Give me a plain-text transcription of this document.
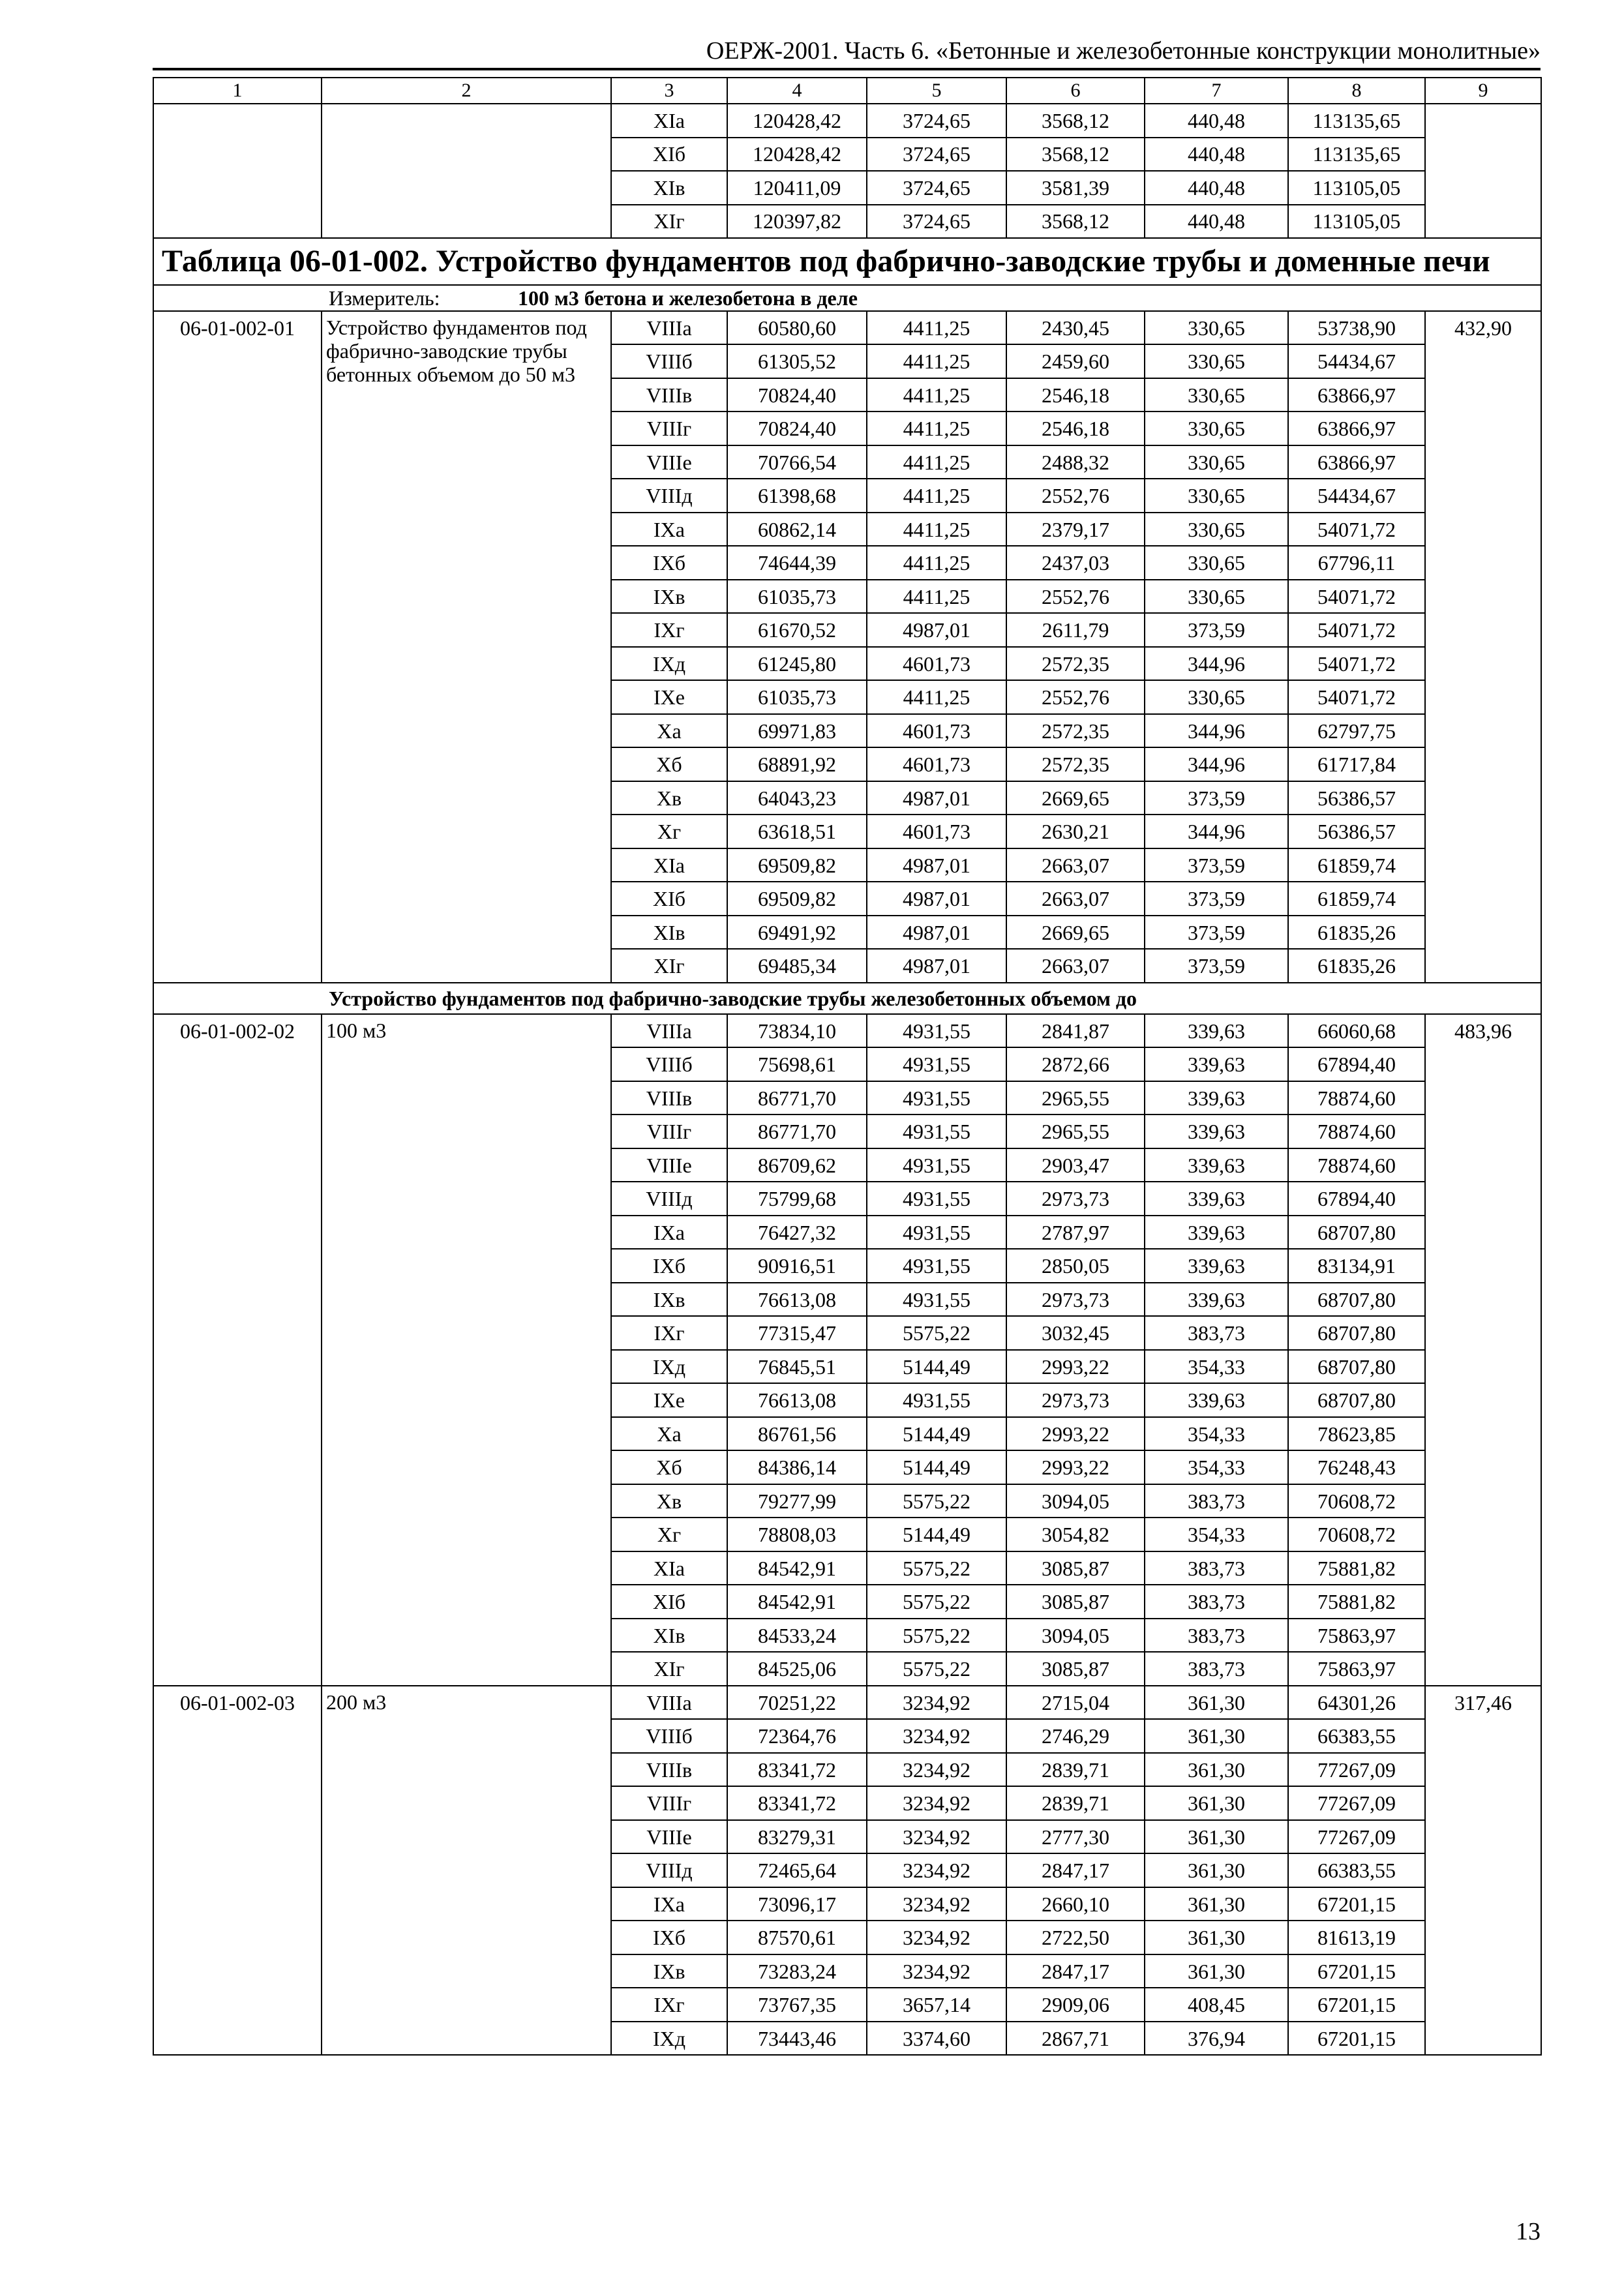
ОЕРЖ-2001. Часть 6. «Бетонные и железобетонные конструкции монолитные»
1	2	3	4	5	6	7	8	9
		XIа	120428,42	3724,65	3568,12	440,48	113135,65	
		XIб	120428,42	3724,65	3568,12	440,48	113135,65	
		XIв	120411,09	3724,65	3581,39	440,48	113105,05	
		XIг	120397,82	3724,65	3568,12	440,48	113105,05	
Таблица 06-01-002. Устройство фундаментов под фабрично-заводские трубы и доменные печи								
Измеритель: 100 м3 бетона и железобетона в деле								
06-01-002-01	Устройство фундаментов под фабрично-заводские трубы бетонных объемом до 50 м3	VIIIа	60580,60	4411,25	2430,45	330,65	53738,90	432,90
		VIIIб	61305,52	4411,25	2459,60	330,65	54434,67	
		VIIIв	70824,40	4411,25	2546,18	330,65	63866,97	
		VIIIг	70824,40	4411,25	2546,18	330,65	63866,97	
		VIIIе	70766,54	4411,25	2488,32	330,65	63866,97	
		VIIIд	61398,68	4411,25	2552,76	330,65	54434,67	
		IXа	60862,14	4411,25	2379,17	330,65	54071,72	
		IXб	74644,39	4411,25	2437,03	330,65	67796,11	
		IXв	61035,73	4411,25	2552,76	330,65	54071,72	
		IXг	61670,52	4987,01	2611,79	373,59	54071,72	
		IXд	61245,80	4601,73	2572,35	344,96	54071,72	
		IXе	61035,73	4411,25	2552,76	330,65	54071,72	
		Xа	69971,83	4601,73	2572,35	344,96	62797,75	
		Xб	68891,92	4601,73	2572,35	344,96	61717,84	
		Xв	64043,23	4987,01	2669,65	373,59	56386,57	
		Xг	63618,51	4601,73	2630,21	344,96	56386,57	
		XIа	69509,82	4987,01	2663,07	373,59	61859,74	
		XIб	69509,82	4987,01	2663,07	373,59	61859,74	
		XIв	69491,92	4987,01	2669,65	373,59	61835,26	
		XIг	69485,34	4987,01	2663,07	373,59	61835,26	
Устройство фундаментов под фабрично-заводские трубы железобетонных объемом до								
06-01-002-02	100 м3	VIIIа	73834,10	4931,55	2841,87	339,63	66060,68	483,96
		VIIIб	75698,61	4931,55	2872,66	339,63	67894,40	
		VIIIв	86771,70	4931,55	2965,55	339,63	78874,60	
		VIIIг	86771,70	4931,55	2965,55	339,63	78874,60	
		VIIIе	86709,62	4931,55	2903,47	339,63	78874,60	
		VIIIд	75799,68	4931,55	2973,73	339,63	67894,40	
		IXа	76427,32	4931,55	2787,97	339,63	68707,80	
		IXб	90916,51	4931,55	2850,05	339,63	83134,91	
		IXв	76613,08	4931,55	2973,73	339,63	68707,80	
		IXг	77315,47	5575,22	3032,45	383,73	68707,80	
		IXд	76845,51	5144,49	2993,22	354,33	68707,80	
		IXе	76613,08	4931,55	2973,73	339,63	68707,80	
		Xа	86761,56	5144,49	2993,22	354,33	78623,85	
		Xб	84386,14	5144,49	2993,22	354,33	76248,43	
		Xв	79277,99	5575,22	3094,05	383,73	70608,72	
		Xг	78808,03	5144,49	3054,82	354,33	70608,72	
		XIа	84542,91	5575,22	3085,87	383,73	75881,82	
		XIб	84542,91	5575,22	3085,87	383,73	75881,82	
		XIв	84533,24	5575,22	3094,05	383,73	75863,97	
		XIг	84525,06	5575,22	3085,87	383,73	75863,97	
06-01-002-03	200 м3	VIIIа	70251,22	3234,92	2715,04	361,30	64301,26	317,46
		VIIIб	72364,76	3234,92	2746,29	361,30	66383,55	
		VIIIв	83341,72	3234,92	2839,71	361,30	77267,09	
		VIIIг	83341,72	3234,92	2839,71	361,30	77267,09	
		VIIIе	83279,31	3234,92	2777,30	361,30	77267,09	
		VIIIд	72465,64	3234,92	2847,17	361,30	66383,55	
		IXа	73096,17	3234,92	2660,10	361,30	67201,15	
		IXб	87570,61	3234,92	2722,50	361,30	81613,19	
		IXв	73283,24	3234,92	2847,17	361,30	67201,15	
		IXг	73767,35	3657,14	2909,06	408,45	67201,15	
		IXд	73443,46	3374,60	2867,71	376,94	67201,15	
13
